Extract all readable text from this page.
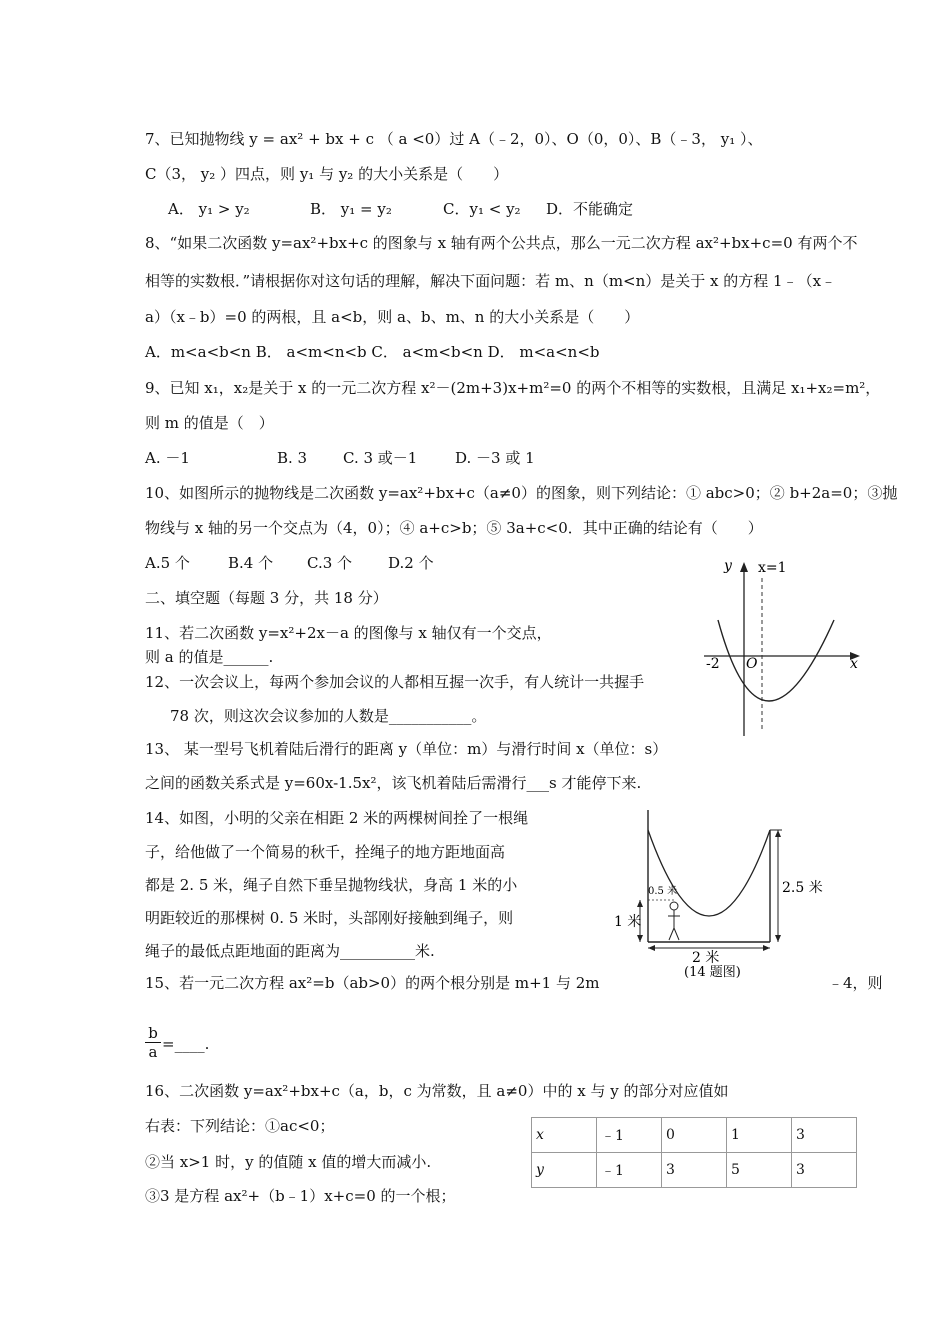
7、已知抛物线 y = ax² + bx + c （ a <0）过 A（﹣2，0）、O（0，0）、B（﹣3， y₁ ）、
C（3， y₂ ）四点，则 y₁ 与 y₂ 的大小关系是（　　）
A． y₁ > y₂	B． y₁ = y₂	C．y₁ < y₂ D．不能确定
8、“如果二次函数 y=ax²+bx+c 的图象与 x 轴有两个公共点，那么一元二次方程 ax²+bx+c=0 有两个不
相等的实数根．”请根据你对这句话的理解，解决下面问题：若 m、n（m<n）是关于 x 的方程 1﹣（x﹣
a）（x﹣b）=0 的两根，且 a<b，则 a、b、m、n 的大小关系是（　　）
A．m<a<b<n B． a<m<n<b C． a<m<b<n D． m<a<n<b
9、已知 x₁，x₂是关于 x 的一元二次方程 x²－(2m+3)x+m²=0 的两个不相等的实数根，且满足 x₁+x₂=m²，
则 m 的值是（　）
A. －1	B. 3 C. 3 或－1	D. －3 或 1
10、如图所示的抛物线是二次函数 y=ax²+bx+c（a≠0）的图象，则下列结论：① abc>0；② b+2a=0；③抛
物线与 x 轴的另一个交点为（4，0）；④ a+c>b；⑤ 3a+c<0．其中正确的结论有（　　）
A.5 个	B.4 个 C.3 个 D.2 个
二、填空题（每题 3 分，共 18 分）
11、若二次函数 y=x²+2x－a 的图像与 x 轴仅有一个交点，
则 a 的值是______.
12、一次会议上，每两个参加会议的人都相互握一次手，有人统计一共握手
78 次，则这次会议参加的人数是___________。
13、 某一型号飞机着陆后滑行的距离 y（单位：m）与滑行时间 x（单位：s）
之间的函数关系式是 y=60x-1.5x²，该飞机着陆后需滑行___s 才能停下来.
14、如图，小明的父亲在相距 2 米的两棵树间拴了一根绳
子，给他做了一个简易的秋千，拴绳子的地方距地面高
都是 2. 5 米，绳子自然下垂呈抛物线状，身高 1 米的小
明距较近的那棵树 0. 5 米时，头部刚好接触到绳子，则
绳子的最低点距地面的距离为__________米.
15、若一元二次方程 ax²=b（ab>0）的两个根分别是 m+1 与 2m	﹣4，则
$\frac{b}{a}$ =____.
16、二次函数 y=ax²+bx+c（a，b，c 为常数，且 a≠0）中的 x 与 y 的部分对应值如
右表：下列结论：①ac<0；
②当 x>1 时，y 的值随 x 值的增大而减小.
③3 是方程 ax²+（b﹣1）x+c=0 的一个根；
x	﹣1	0	1	3
y	﹣1	3	5	3
y x=1
x
-2 O
0.5 米	2.5 米
1 米
2 米
(14 题图)
